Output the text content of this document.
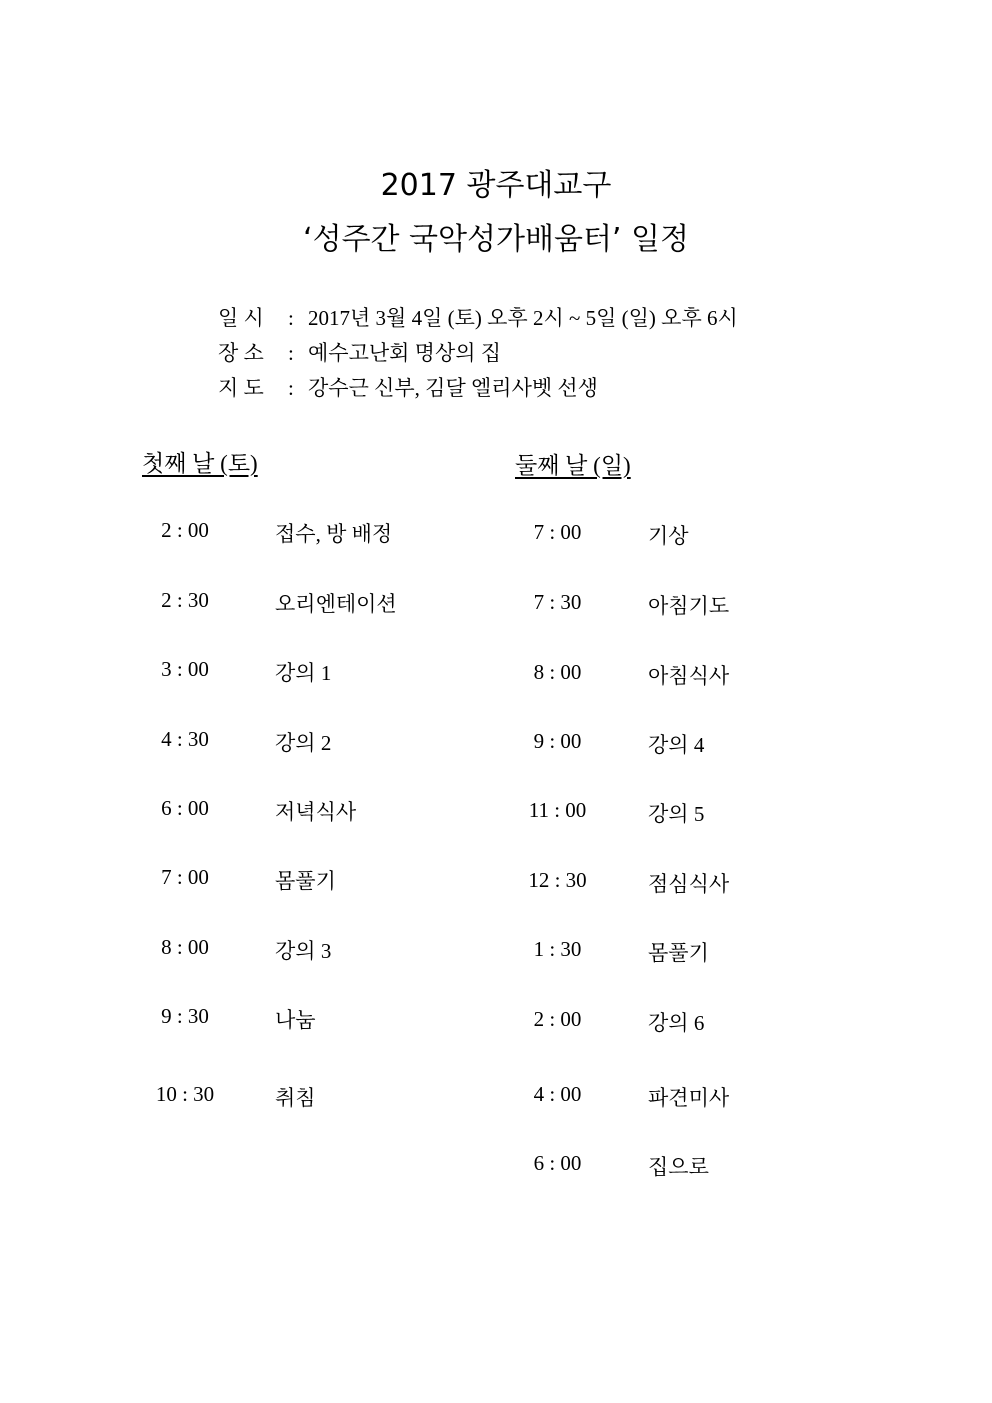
2017 광주대교구
‘성주간 국악성가배움터’ 일정
일 시 : 2017년 3월 4일 (토) 오후 2시 ~ 5일 (일) 오후 6시
장 소 : 예수고난회 명상의 집
지 도 : 강수근 신부, 김달 엘리사벳 선생
첫째 날 (토)	둘째 날 (일)
2 : 00	접수, 방 배정
2 : 30	오리엔테이션
3 : 00	강의 1
4 : 30	강의 2
6 : 00	저녁식사
7 : 00	몸풀기
8 : 00	강의 3
9 : 30	나눔
10 : 30	취침
7 : 00	기상
7 : 30	아침기도
8 : 00	아침식사
9 : 00	강의 4
11 : 00	강의 5
12 : 30	점심식사
1 : 30	몸풀기
2 : 00	강의 6
4 : 00	파견미사
6 : 00	집으로
